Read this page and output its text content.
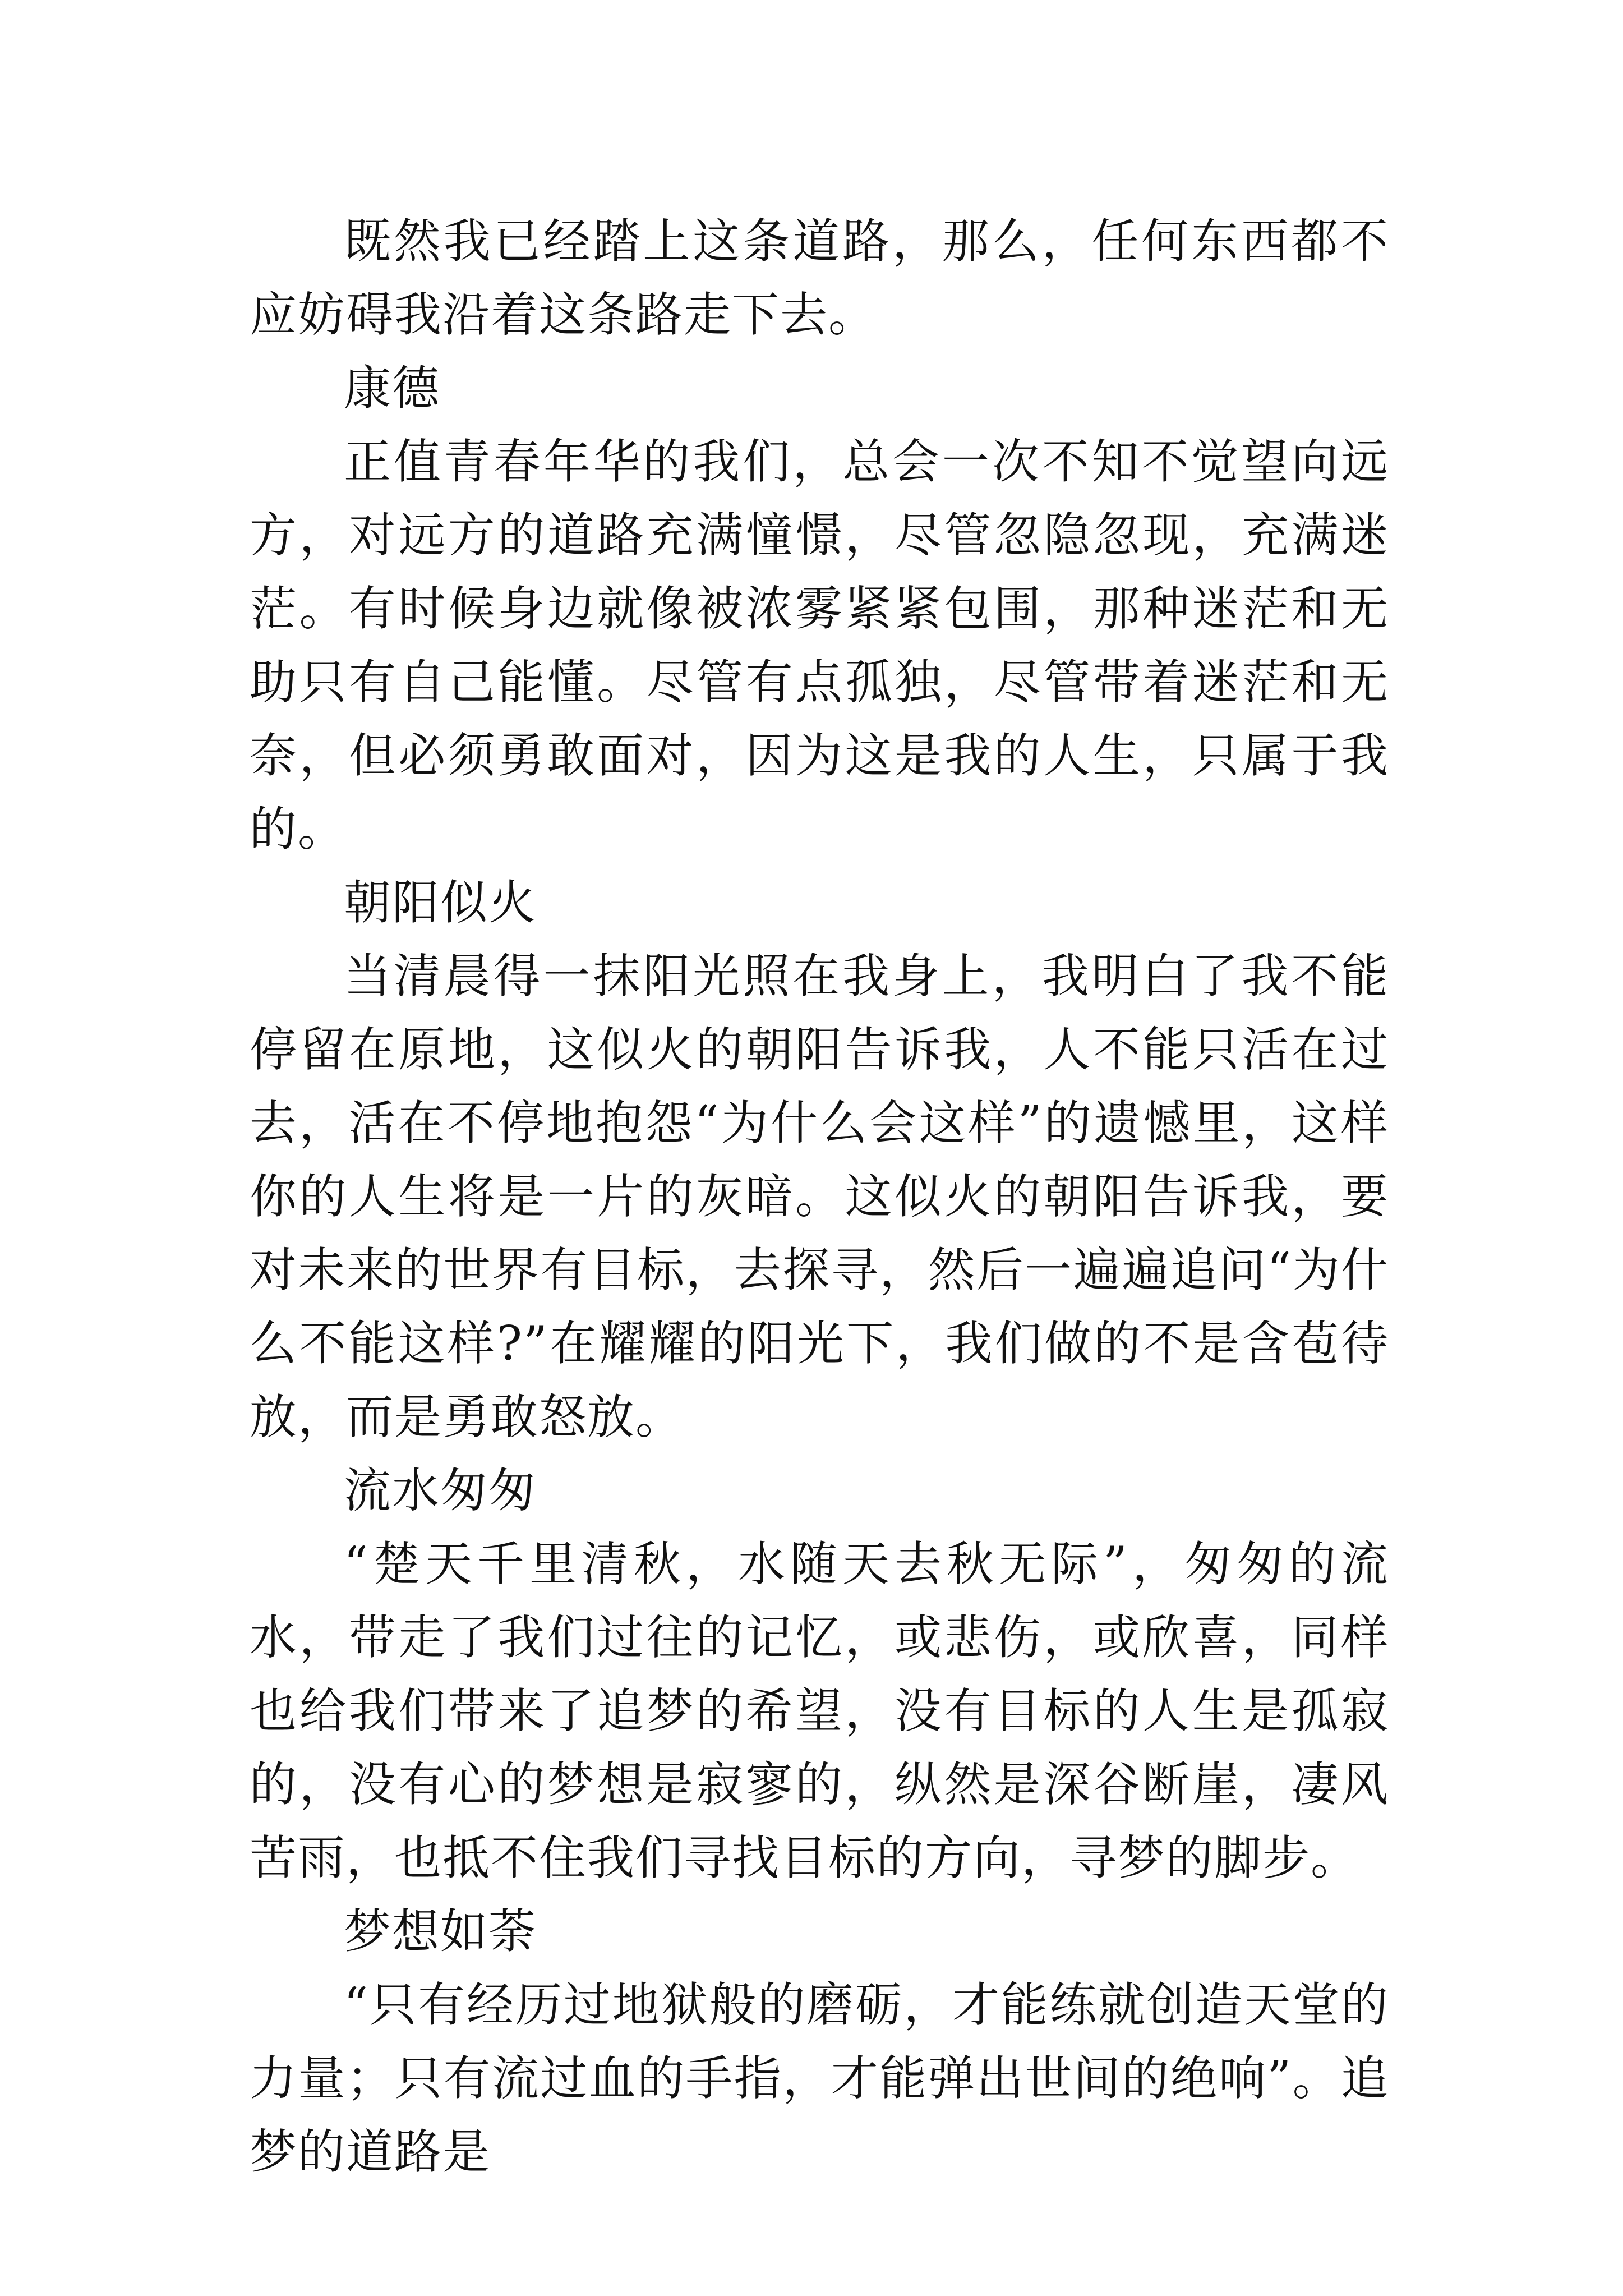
既然我已经踏上这条道路，那么，任何东西都不应妨碍我沿着这条路走下去。

康德

正值青春年华的我们，总会一次不知不觉望向远方，对远方的道路充满憧憬，尽管忽隐忽现，充满迷茫。有时候身边就像被浓雾紧紧包围，那种迷茫和无助只有自己能懂。尽管有点孤独，尽管带着迷茫和无奈，但必须勇敢面对，因为这是我的人生，只属于我的。

朝阳似火

当清晨得一抹阳光照在我身上，我明白了我不能停留在原地，这似火的朝阳告诉我，人不能只活在过去，活在不停地抱怨“为什么会这样”的遗憾里，这样你的人生将是一片的灰暗。这似火的朝阳告诉我，要对未来的世界有目标，去探寻，然后一遍遍追问“为什么不能这样?”在耀耀的阳光下，我们做的不是含苞待放，而是勇敢怒放。

流水匆匆

“楚天千里清秋，水随天去秋无际”，匆匆的流水，带走了我们过往的记忆，或悲伤，或欣喜，同样也给我们带来了追梦的希望，没有目标的人生是孤寂的，没有心的梦想是寂寥的，纵然是深谷断崖，凄风苦雨，也抵不住我们寻找目标的方向，寻梦的脚步。

梦想如荼

“只有经历过地狱般的磨砺，才能练就创造天堂的力量；只有流过血的手指，才能弹出世间的绝响”。追梦的道路是
